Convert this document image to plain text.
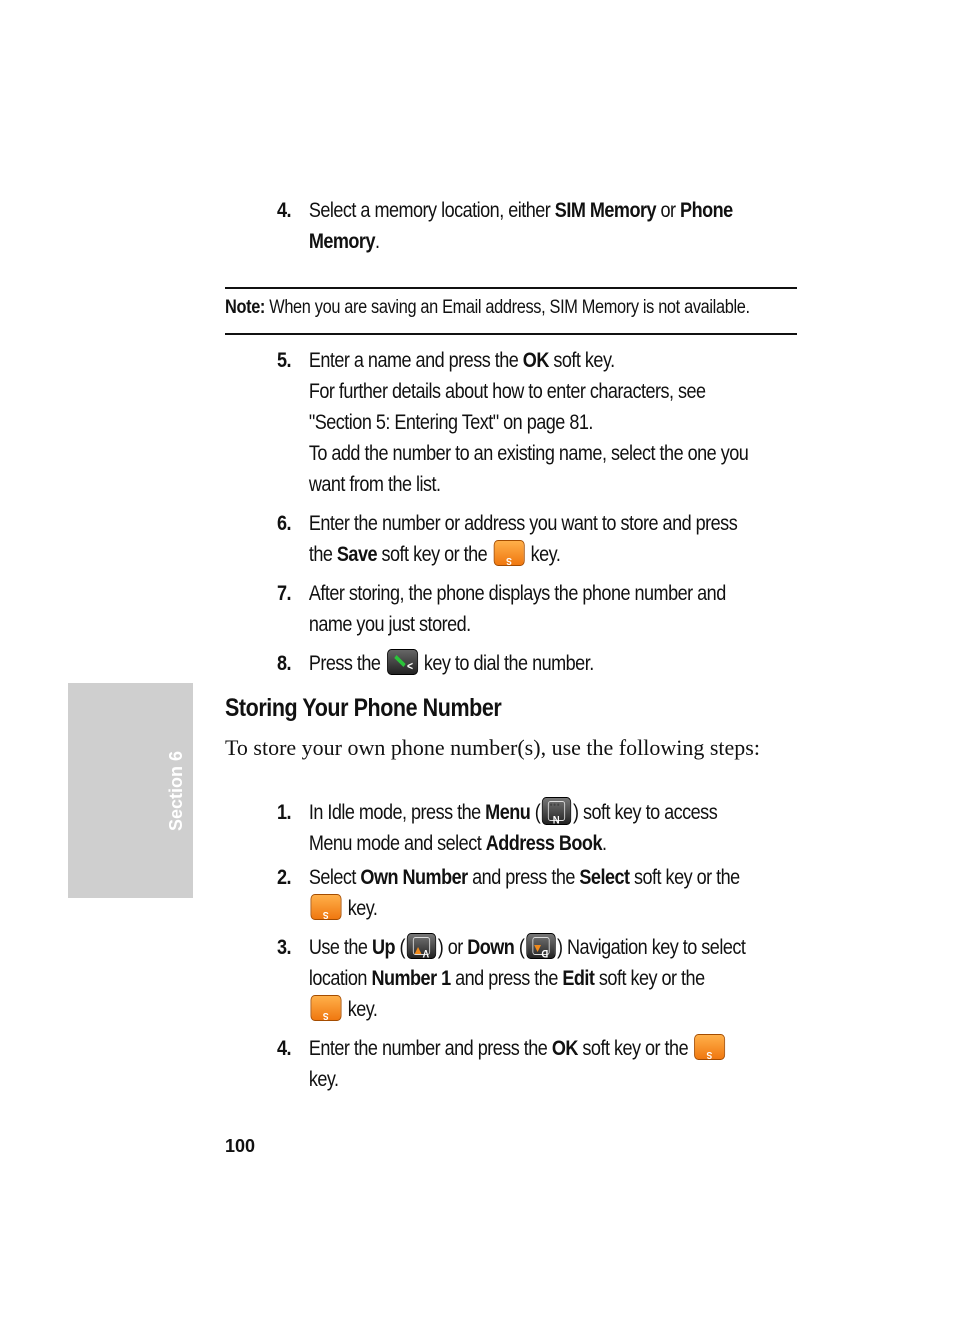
4. Select a memory location, either SIM Memory or Phone Memory.
Note: When you are saving an Email address, SIM Memory is not available.
5. Enter a name and press the OK soft key.
For further details about how to enter characters, see "Section 5: Entering Text" on page 81.
To add the number to an existing name, select the one you want from the list.
6. Enter the number or address you want to store and press the Save soft key or the S key.
7. After storing, the phone displays the phone number and name you just stored.
8. Press the < key to dial the number.
Storing Your Phone Number
To store your own phone number(s), use the following steps:
1. In Idle mode, press the Menu ( •••
N ) soft key to access Menu mode and select Address Book.
2. Select Own Number and press the Select soft key or the
S key.
3. Use the Up ( V ) or Down ( D ) Navigation key to select location Number 1 and press the Edit soft key or the
S key.
4. Enter the number and press the OK soft key or the S
key.
Section 6
100
